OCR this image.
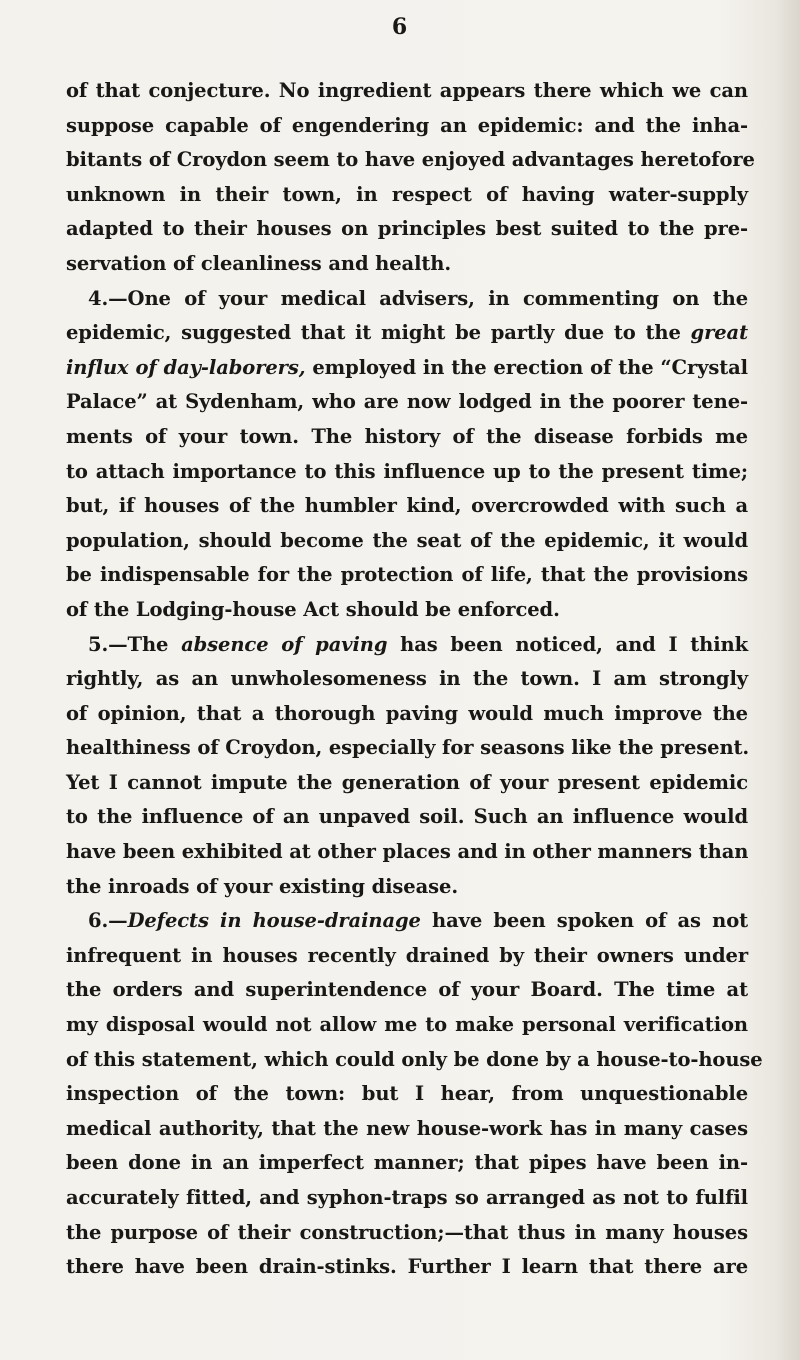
6
of that conjecture. No ingredient appears there which we can
suppose capable of engendering an epidemic: and the inha-
bitants of Croydon seem to have enjoyed advantages heretofore
unknown in their town, in respect of having water-supply
adapted to their houses on principles best suited to the pre-
servation of cleanliness and health.
4.—One of your medical advisers, in commenting on the
epidemic, suggested that it might be partly due to the great
influx of day-laborers, employed in the erection of the “Crystal
Palace” at Sydenham, who are now lodged in the poorer tene-
ments of your town. The history of the disease forbids me
to attach importance to this influence up to the present time;
but, if houses of the humbler kind, overcrowded with such a
population, should become the seat of the epidemic, it would
be indispensable for the protection of life, that the provisions
of the Lodging-house Act should be enforced.
5.—The absence of paving has been noticed, and I think
rightly, as an unwholesomeness in the town. I am strongly
of opinion, that a thorough paving would much improve the
healthiness of Croydon, especially for seasons like the present.
Yet I cannot impute the generation of your present epidemic
to the influence of an unpaved soil. Such an influence would
have been exhibited at other places and in other manners than
the inroads of your existing disease.
6.—Defects in house-drainage have been spoken of as not
infrequent in houses recently drained by their owners under
the orders and superintendence of your Board. The time at
my disposal would not allow me to make personal verification
of this statement, which could only be done by a house-to-house
inspection of the town: but I hear, from unquestionable
medical authority, that the new house-work has in many cases
been done in an imperfect manner; that pipes have been in-
accurately fitted, and syphon-traps so arranged as not to fulfil
the purpose of their construction;—that thus in many houses
there have been drain-stinks. Further I learn that there are
